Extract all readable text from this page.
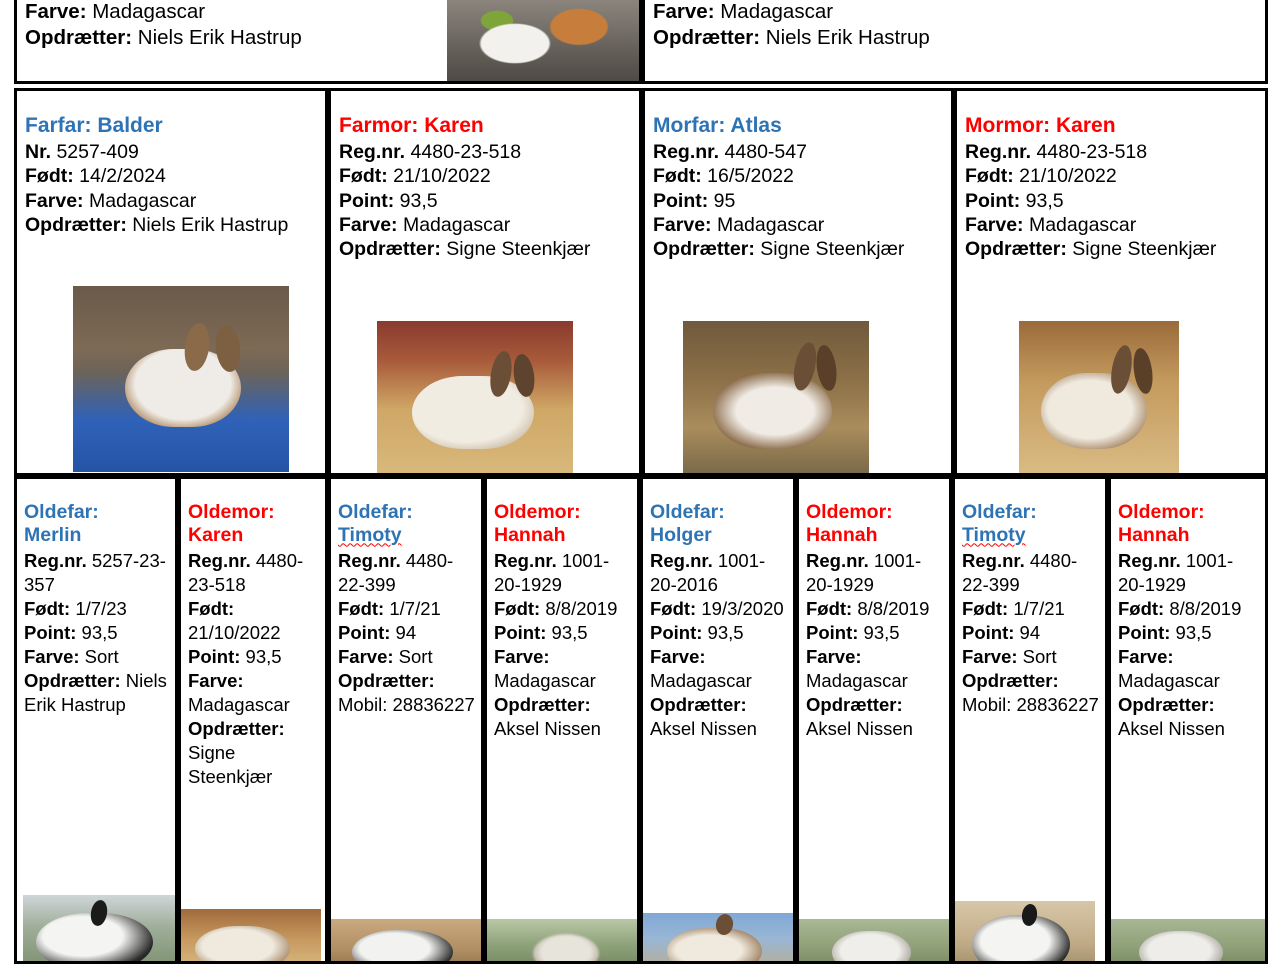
Farve: Madagascar

Opdrætter: Niels Erik Hastrup

Farve: Madagascar

Opdrætter: Niels Erik Hastrup

Farfar: Balder

Nr. 5257-409

Født: 14/2/2024

Farve: Madagascar

Opdrætter: Niels Erik Hastrup

Farmor: Karen

Reg.nr. 4480-23-518

Født: 21/10/2022

Point: 93,5

Farve: Madagascar

Opdrætter: Signe Steenkjær

Morfar: Atlas

Reg.nr. 4480-547

Født: 16/5/2022

Point: 95

Farve: Madagascar

Opdrætter: Signe Steenkjær

Mormor: Karen

Reg.nr. 4480-23-518

Født: 21/10/2022

Point: 93,5

Farve: Madagascar

Opdrætter: Signe Steenkjær

Oldefar:
Merlin

Reg.nr. 5257-23-357

Født: 1/7/23

Point: 93,5

Farve: Sort

Opdrætter: Niels Erik Hastrup

Oldemor:
Karen

Reg.nr. 4480-23-518

Født: 21/10/2022

Point: 93,5

Farve: Madagascar

Opdrætter: Signe Steenkjær

Oldefar:
Timoty

Reg.nr. 4480-22-399

Født: 1/7/21

Point: 94

Farve: Sort

Opdrætter: Mobil: 28836227

Oldemor:
Hannah

Reg.nr. 1001-20-1929

Født: 8/8/2019

Point: 93,5

Farve: Madagascar

Opdrætter: Aksel Nissen

Oldefar:
Holger

Reg.nr. 1001-20-2016

Født: 19/3/2020

Point: 93,5

Farve: Madagascar

Opdrætter: Aksel Nissen

Oldemor:
Hannah

Reg.nr. 1001-20-1929

Født: 8/8/2019

Point: 93,5

Farve: Madagascar

Opdrætter: Aksel Nissen

Oldefar:
Timoty

Reg.nr. 4480-22-399

Født: 1/7/21

Point: 94

Farve: Sort

Opdrætter: Mobil: 28836227

Oldemor:
Hannah

Reg.nr. 1001-20-1929

Født: 8/8/2019

Point: 93,5

Farve: Madagascar

Opdrætter: Aksel Nissen
